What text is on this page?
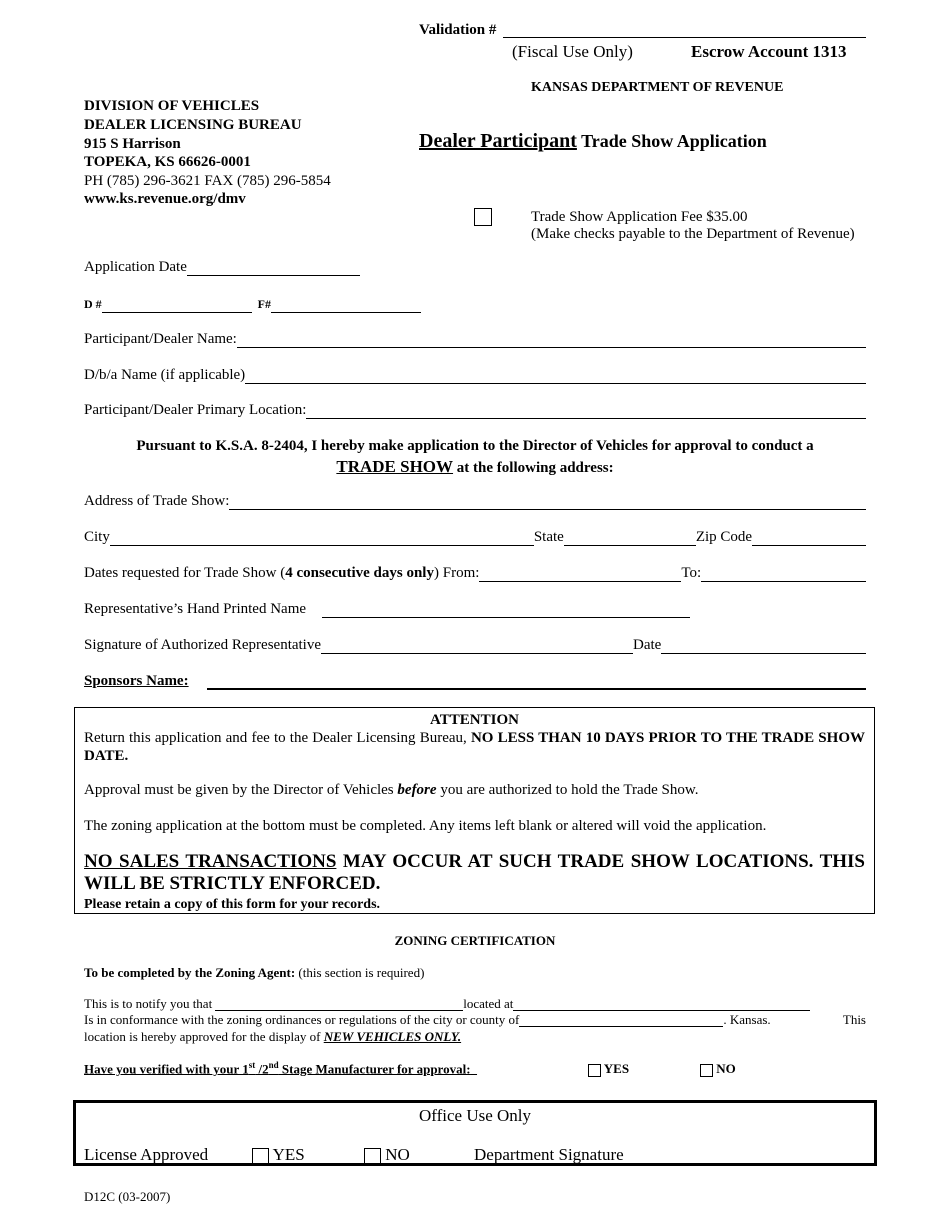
Validation #
(Fiscal Use Only)	Escrow Account 1313
KANSAS DEPARTMENT OF REVENUE
DIVISION OF VEHICLES
DEALER LICENSING BUREAU
915 S Harrison
TOPEKA, KS 66626-0001
PH (785) 296-3621 FAX (785) 296-5854
www.ks.revenue.org/dmv
Dealer Participant Trade Show Application
Trade Show Application Fee $35.00
(Make checks payable to the Department of Revenue)
Application Date
D #	F#
Participant/Dealer Name:
D/b/a Name (if applicable)
Participant/Dealer Primary Location:
Pursuant to K.S.A. 8-2404, I hereby make application to the Director of Vehicles for approval to conduct a
TRADE SHOW at the following address:
Address of Trade Show:
City	State	Zip Code
Dates requested for Trade Show (4 consecutive days only) From:	To:
Representative’s Hand Printed Name
Signature of Authorized Representative	Date
Sponsors Name:

ATTENTION

Return this application and fee to the Dealer Licensing Bureau, NO LESS THAN 10 DAYS PRIOR TO THE TRADE SHOW DATE.

Approval must be given by the Director of Vehicles before you are authorized to hold the Trade Show.

The zoning application at the bottom must be completed. Any items left blank or altered will void the application.

NO SALES TRANSACTIONS MAY OCCUR AT SUCH TRADE SHOW LOCATIONS. THIS WILL BE STRICTLY ENFORCED.

Please retain a copy of this form for your records.

ZONING CERTIFICATION
To be completed by the Zoning Agent: (this section is required)
This is to notify you that	located at
Is in conformance with the zoning ordinances or regulations of the city or county of	. Kansas.	This
location is hereby approved for the display of NEW VEHICLES ONLY.
Have you verified with your 1st /2nd Stage Manufacturer for approval:	YES	NO
Office Use Only
License Approved	YES	NO	Department Signature
D12C (03-2007)
